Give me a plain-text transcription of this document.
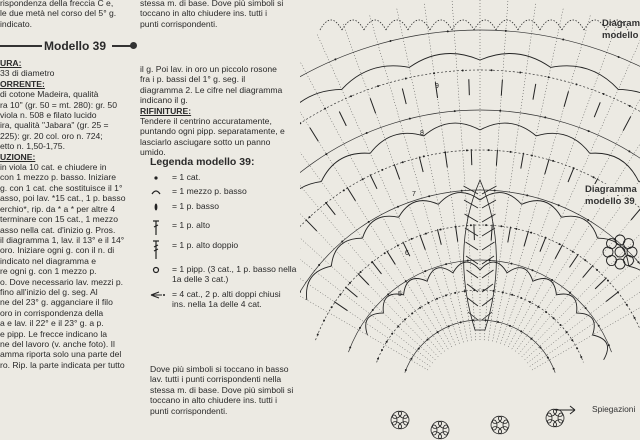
rispondenza della freccia C e,
le due metà nel corso del 5° g.
indicato.
Modello 39
URA:
33 di diametro
ORRENTE:
di cotone Madeira, qualità
ra 10" (gr. 50 = mt. 280): gr. 50
viola n. 508 e filato lucido
ira, qualità "Jabara" (gr. 25 =
225): gr. 20 col. oro n. 724;
etto n. 1,50-1,75.
UZIONE:
in viola 10 cat. e chiudere in
con 1 mezzo p. basso. Iniziare
g. con 1 cat. che sostituisce il 1°
asso, poi lav. *15 cat., 1 p. basso
erchio*, rip. da * a * per altre 4
terminare con 15 cat., 1 mezzo
asso nella cat. d'inizio g. Pros.
il diagramma 1, lav. il 13° e il 14°
oro. Iniziare ogni g. con il n. di
indicato nel diagramma e
re ogni g. con 1 mezzo p.
o. Dove necessario lav. mezzi p.
fino all'inizio del g. seg. Al
ne del 23° g. agganciare il filo
oro in corrispondenza della
a e lav. il 22° e il 23° g. a p.
e pipp. Le frecce indicano la
ne del lavoro (v. anche foto). Il
amma riporta solo una parte del
ro. Rip. la parte indicata per tutto
stessa m. di base. Dove più simboli si
toccano in alto chiudere ins. tutti i
punti corrispondenti.
il g. Poi lav. in oro un piccolo rosone
fra i p. bassi del 1° g. seg. il
diagramma 2. Le cifre nel diagramma
indicano il g.
RIFINITURE:
Tendere il centrino accuratamente,
puntando ogni pipp. separatamente, e
lasciarlo asciugare sotto un panno
umido.
Legenda modello 39:
= 1 cat.
= 1 mezzo p. basso
= 1 p. basso
= 1 p. alto
= 1 p. alto doppio
= 1 pipp. (3 cat., 1 p. basso nella
1a delle 3 cat.)
= 4 cat., 2 p. alti doppi chiusi
ins. nella 1a delle 4 cat.
Dove più simboli si toccano in basso
lav. tutti i punti corrispondenti nella
stessa m. di base. Dove più simboli si
toccano in alto chiudere ins. tutti i
punti corrispondenti.
9
8
7
6
5
Diagram
modello
Diagramma
modello 39
Spiegazioni
